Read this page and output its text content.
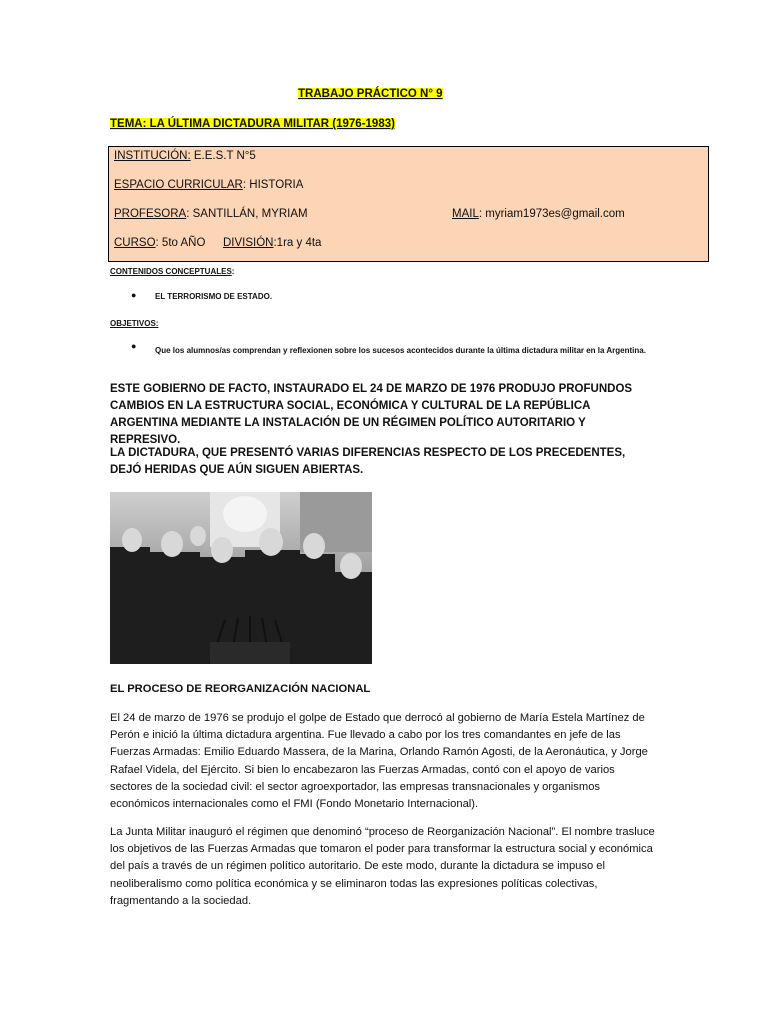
TRABAJO PRÁCTICO N° 9
TEMA: LA ÚLTIMA DICTADURA MILITAR (1976-1983)
INSTITUCIÓN: E.E.S.T N°5
ESPACIO CURRICULAR: HISTORIA
PROFESORA: SANTILLÁN, MYRIAM	MAIL: myriam1973es@gmail.com
CURSO: 5to AÑO DIVISIÓN:1ra y 4ta
CONTENIDOS CONCEPTUALES:
● EL TERRORISMO DE ESTADO.
OBJETIVOS:
● Que los alumnos/as comprendan y reflexionen sobre los sucesos acontecidos durante la última dictadura militar en la Argentina.
ESTE GOBIERNO DE FACTO, INSTAURADO EL 24 DE MARZO DE 1976 PRODUJO PROFUNDOS CAMBIOS EN LA ESTRUCTURA SOCIAL, ECONÓMICA Y CULTURAL DE LA REPÚBLICA ARGENTINA MEDIANTE LA INSTALACIÓN DE UN RÉGIMEN POLÍTICO AUTORITARIO Y REPRESIVO.
LA DICTADURA, QUE PRESENTÓ VARIAS DIFERENCIAS RESPECTO DE LOS PRECEDENTES, DEJÓ HERIDAS QUE AÚN SIGUEN ABIERTAS.
EL PROCESO DE REORGANIZACIÓN NACIONAL
El 24 de marzo de 1976 se produjo el golpe de Estado que derrocó al gobierno de María Estela Martínez de Perón e inició la última dictadura argentina. Fue llevado a cabo por los tres comandantes en jefe de las Fuerzas Armadas: Emilio Eduardo Massera, de la Marina, Orlando Ramón Agosti, de la Aeronáutica, y Jorge Rafael Videla, del Ejército. Si bien lo encabezaron las Fuerzas Armadas, contó con el apoyo de varios sectores de la sociedad civil: el sector agroexportador, las empresas transnacionales y organismos económicos internacionales como el FMI (Fondo Monetario Internacional).
La Junta Militar inauguró el régimen que denominó “proceso de Reorganización Nacional”. El nombre trasluce los objetivos de las Fuerzas Armadas que tomaron el poder para transformar la estructura social y económica del país a través de un régimen político autoritario. De este modo, durante la dictadura se impuso el neoliberalismo como política económica y se eliminaron todas las expresiones políticas colectivas, fragmentando a la sociedad.
